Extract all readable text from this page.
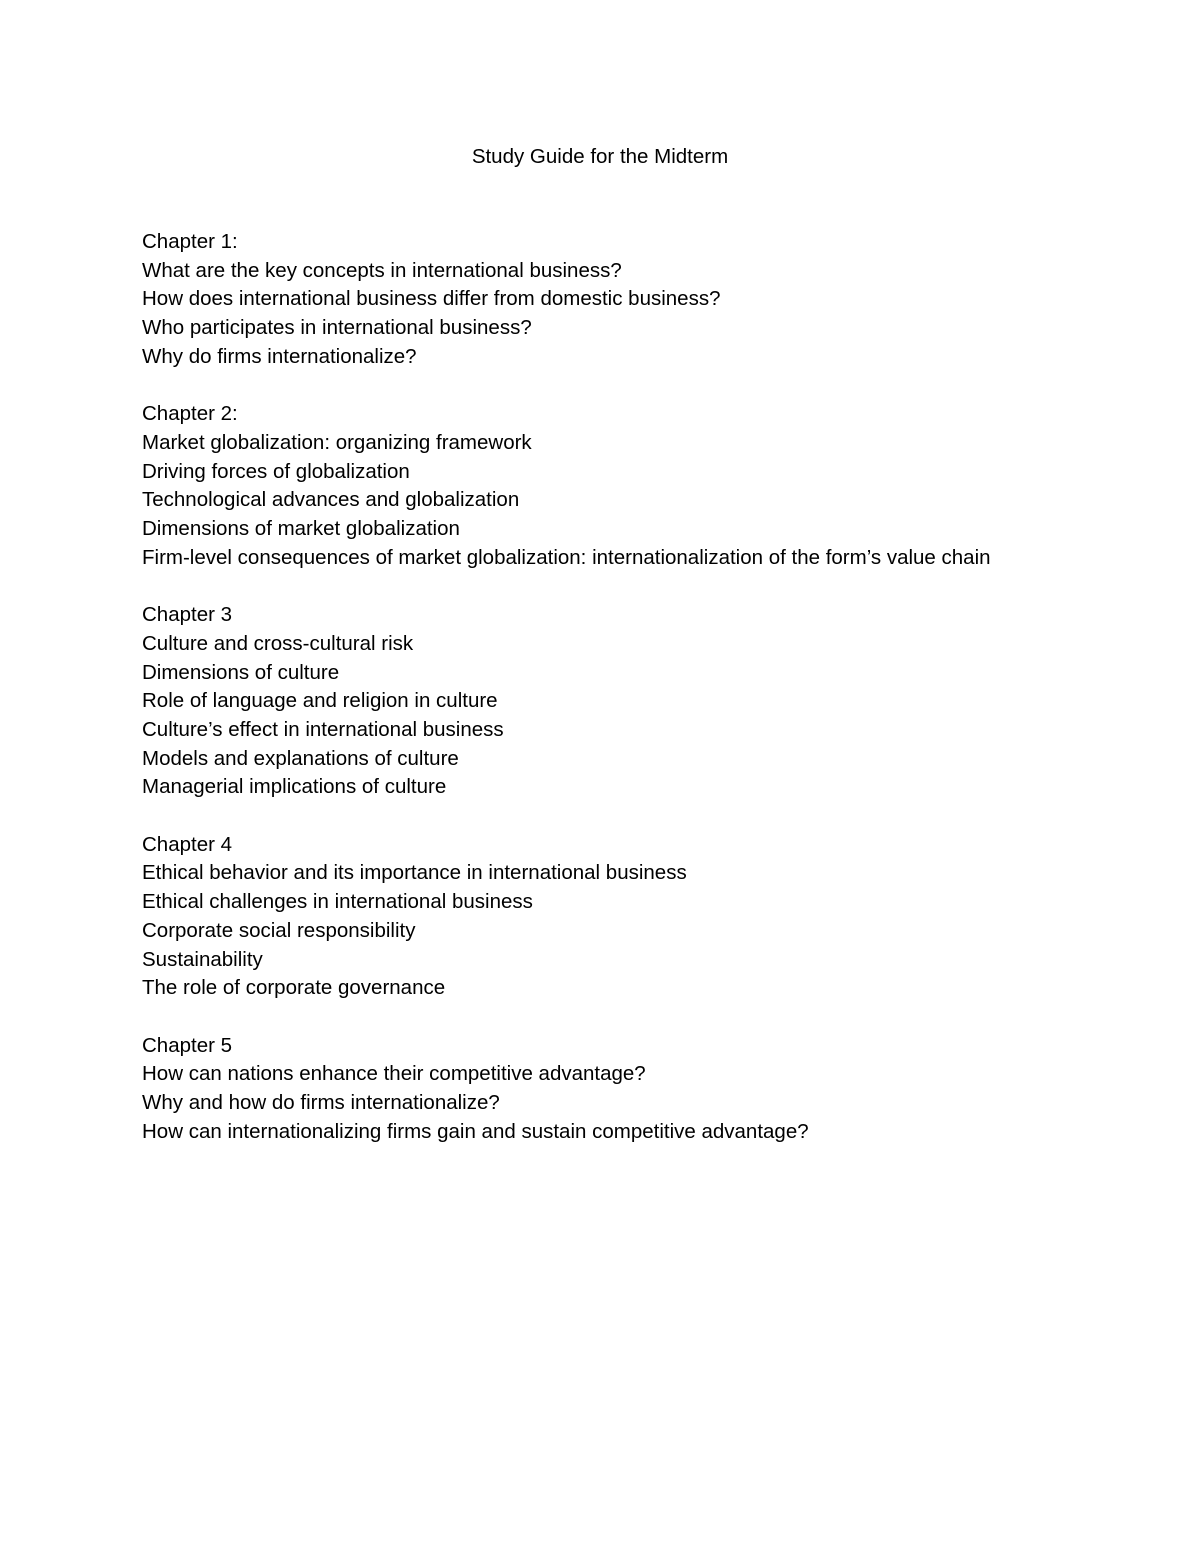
Study Guide for the Midterm
Chapter 1:
What are the key concepts in international business?
How does international business differ from domestic business?
Who participates in international business?
Why do firms internationalize?
Chapter 2:
Market globalization: organizing framework
Driving forces of globalization
Technological advances and globalization
Dimensions of market globalization
Firm-level consequences of market globalization: internationalization of the form’s value chain
Chapter 3
Culture and cross-cultural risk
Dimensions of culture
Role of language and religion in culture
Culture’s effect in international business
Models and explanations of culture
Managerial implications of culture
Chapter 4
Ethical behavior and its importance in international business
Ethical challenges in international business
Corporate social responsibility
Sustainability
The role of corporate governance
Chapter 5
How can nations enhance their competitive advantage?
Why and how do firms internationalize?
How can internationalizing firms gain and sustain competitive advantage?
